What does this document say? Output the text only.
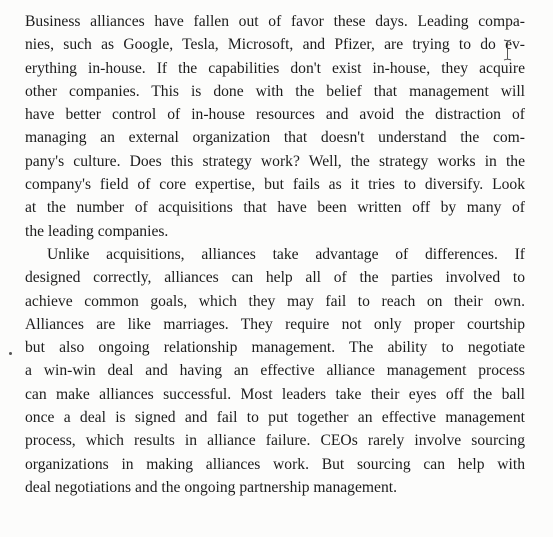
Business alliances have fallen out of favor these days. Leading compa-
nies, such as Google, Tesla, Microsoft, and Pfizer, are trying to do ev-
erything in-house. If the capabilities don't exist in-house, they acquire
other companies. This is done with the belief that management will
have better control of in-house resources and avoid the distraction of
managing an external organization that doesn't understand the com-
pany's culture. Does this strategy work? Well, the strategy works in the
company's field of core expertise, but fails as it tries to diversify. Look
at the number of acquisitions that have been written off by many of
the leading companies.
Unlike acquisitions, alliances take advantage of differences. If
designed correctly, alliances can help all of the parties involved to
achieve common goals, which they may fail to reach on their own.
Alliances are like marriages. They require not only proper courtship
but also ongoing relationship management. The ability to negotiate
a win-win deal and having an effective alliance management process
can make alliances successful. Most leaders take their eyes off the ball
once a deal is signed and fail to put together an effective management
process, which results in alliance failure. CEOs rarely involve sourcing
organizations in making alliances work. But sourcing can help with
deal negotiations and the ongoing partnership management.
